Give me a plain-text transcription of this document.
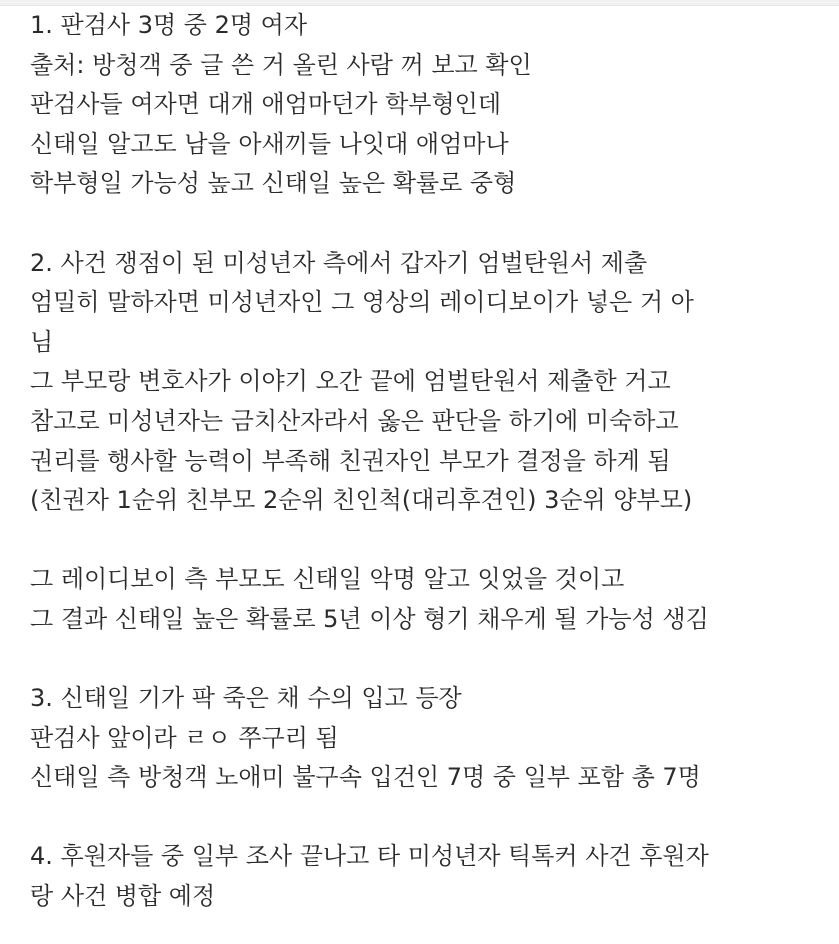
1. 판검사 3명 중 2명 여자
출처: 방청객 중 글 쓴 거 올린 사람 꺼 보고 확인
판검사들 여자면 대개 애엄마던가 학부형인데
신태일 알고도 남을 아새끼들 나잇대 애엄마나
학부형일 가능성 높고 신태일 높은 확률로 중형
2. 사건 쟁점이 된 미성년자 측에서 갑자기 엄벌탄원서 제출
엄밀히 말하자면 미성년자인 그 영상의 레이디보이가 넣은 거 아
님
그 부모랑 변호사가 이야기 오간 끝에 엄벌탄원서 제출한 거고
참고로 미성년자는 금치산자라서 옳은 판단을 하기에 미숙하고
권리를 행사할 능력이 부족해 친권자인 부모가 결정을 하게 됨
(친권자 1순위 친부모 2순위 친인척(대리후견인) 3순위 양부모)
그 레이디보이 측 부모도 신태일 악명 알고 잇었을 것이고
그 결과 신태일 높은 확률로 5년 이상 형기 채우게 될 가능성 생김
3. 신태일 기가 팍 죽은 채 수의 입고 등장
판검사 앞이라 ㄹㅇ 쭈구리 됨
신태일 측 방청객 노애미 불구속 입건인 7명 중 일부 포함 총 7명
4. 후원자들 중 일부 조사 끝나고 타 미성년자 틱톡커 사건 후원자
랑 사건 병합 예정
